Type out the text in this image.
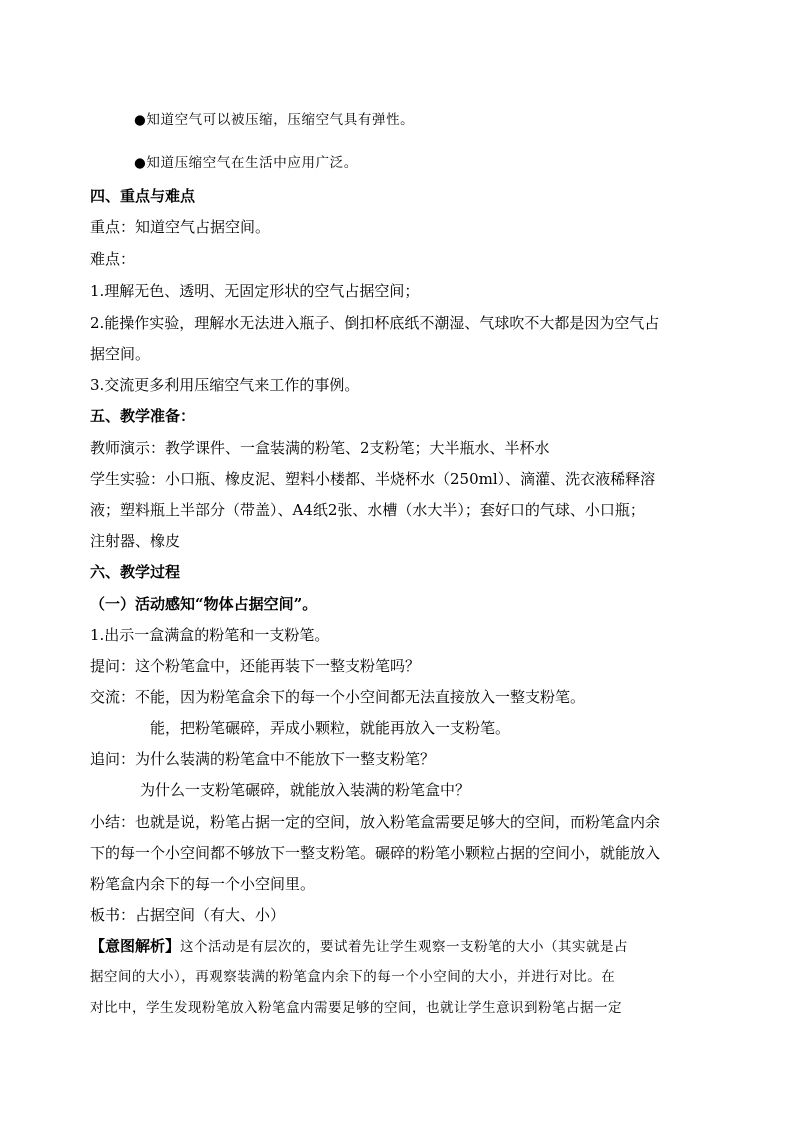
●知道空气可以被压缩，压缩空气具有弹性。
●知道压缩空气在生活中应用广泛。
四、重点与难点
重点：知道空气占据空间。
难点：
1.理解无色、透明、无固定形状的空气占据空间；
2.能操作实验，理解水无法进入瓶子、倒扣杯底纸不潮湿、气球吹不大都是因为空气占
据空间。
3.交流更多利用压缩空气来工作的事例。
五、教学准备：
教师演示：教学课件、一盒装满的粉笔、2支粉笔；大半瓶水、半杯水
学生实验：小口瓶、橡皮泥、塑料小楼都、半烧杯水（250ml）、滴灌、洗衣液稀释溶
液；塑料瓶上半部分（带盖）、A4纸2张、水槽（水大半）；套好口的气球、小口瓶；
注射器、橡皮
六、教学过程
（一）活动感知“物体占据空间”。
1.出示一盒满盒的粉笔和一支粉笔。
提问：这个粉笔盒中，还能再装下一整支粉笔吗？
交流：不能，因为粉笔盒余下的每一个小空间都无法直接放入一整支粉笔。
能，把粉笔碾碎，弄成小颗粒，就能再放入一支粉笔。
追问：为什么装满的粉笔盒中不能放下一整支粉笔？
为什么一支粉笔碾碎，就能放入装满的粉笔盒中？
小结：也就是说，粉笔占据一定的空间，放入粉笔盒需要足够大的空间，而粉笔盒内余
下的每一个小空间都不够放下一整支粉笔。碾碎的粉笔小颗粒占据的空间小，就能放入
粉笔盒内余下的每一个小空间里。
板书：占据空间（有大、小）
【意图解析】这个活动是有层次的，要试着先让学生观察一支粉笔的大小（其实就是占
据空间的大小），再观察装满的粉笔盒内余下的每一个小空间的大小，并进行对比。在
对比中，学生发现粉笔放入粉笔盒内需要足够的空间，也就让学生意识到粉笔占据一定
